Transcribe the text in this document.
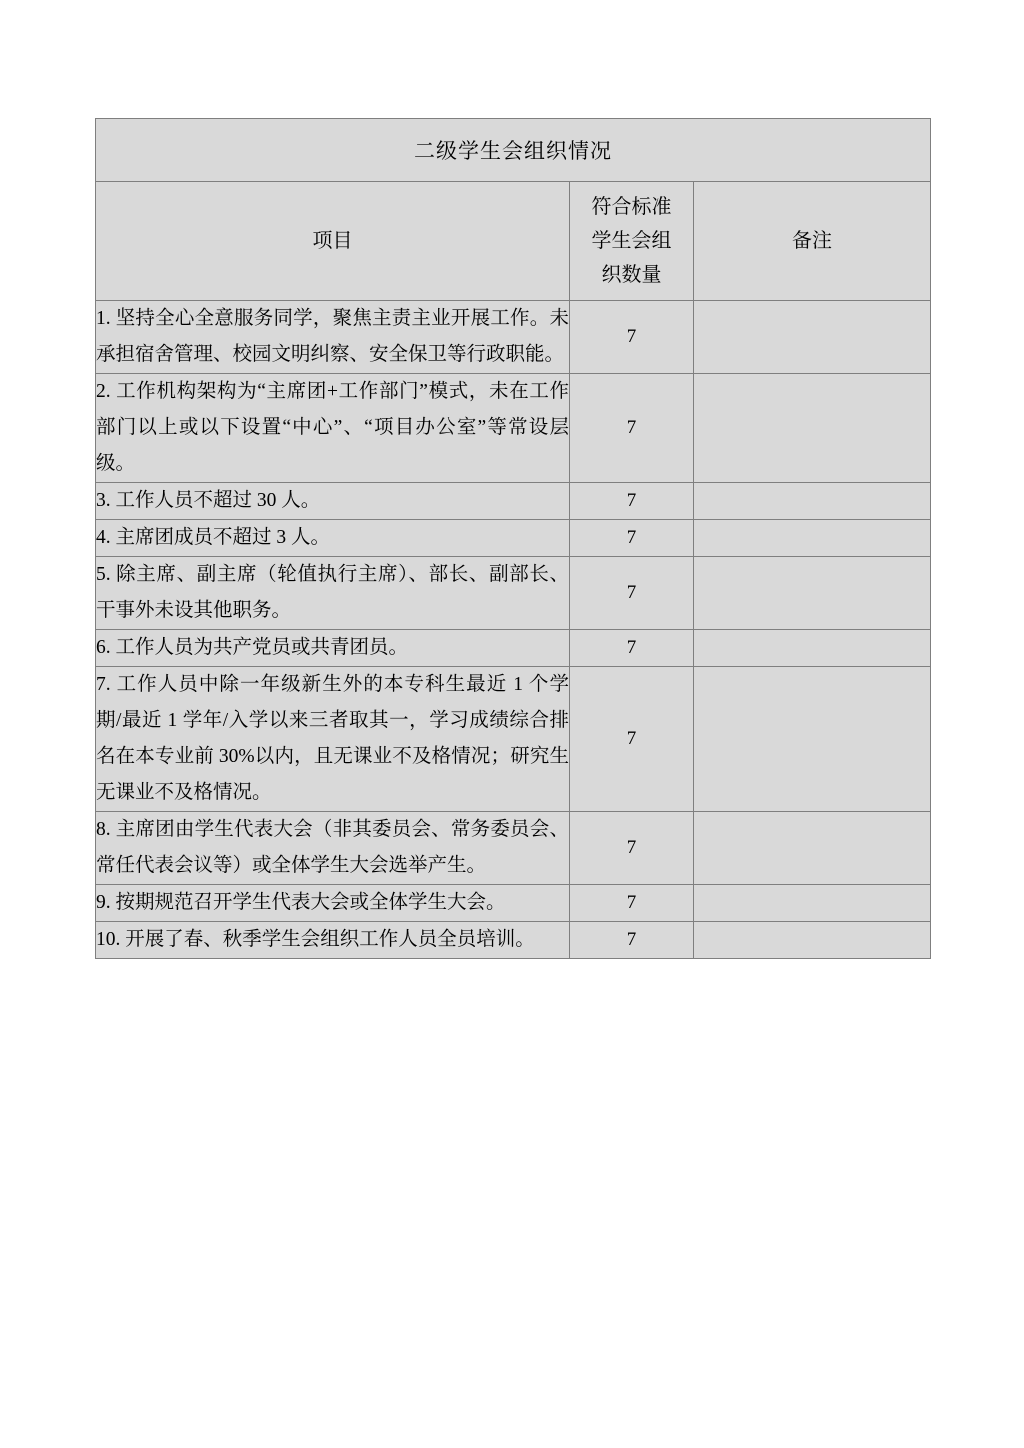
二级学生会组织情况		
项目	符合标准
学生会组
织数量	备注
1. 坚持全心全意服务同学，聚焦主责主业开展工作。未承担宿舍管理、校园文明纠察、安全保卫等行政职能。	7	
2. 工作机构架构为“主席团+工作部门”模式，未在工作部门以上或以下设置“中心”、“项目办公室”等常设层级。	7	
3. 工作人员不超过 30 人。	7	
4. 主席团成员不超过 3 人。	7	
5. 除主席、副主席（轮值执行主席）、部长、副部长、干事外未设其他职务。	7	
6. 工作人员为共产党员或共青团员。	7	
7. 工作人员中除一年级新生外的本专科生最近 1 个学期/最近 1 学年/入学以来三者取其一，学习成绩综合排名在本专业前 30%以内，且无课业不及格情况；研究生无课业不及格情况。	7	
8. 主席团由学生代表大会（非其委员会、常务委员会、常任代表会议等）或全体学生大会选举产生。	7	
9. 按期规范召开学生代表大会或全体学生大会。	7	
10. 开展了春、秋季学生会组织工作人员全员培训。	7	
